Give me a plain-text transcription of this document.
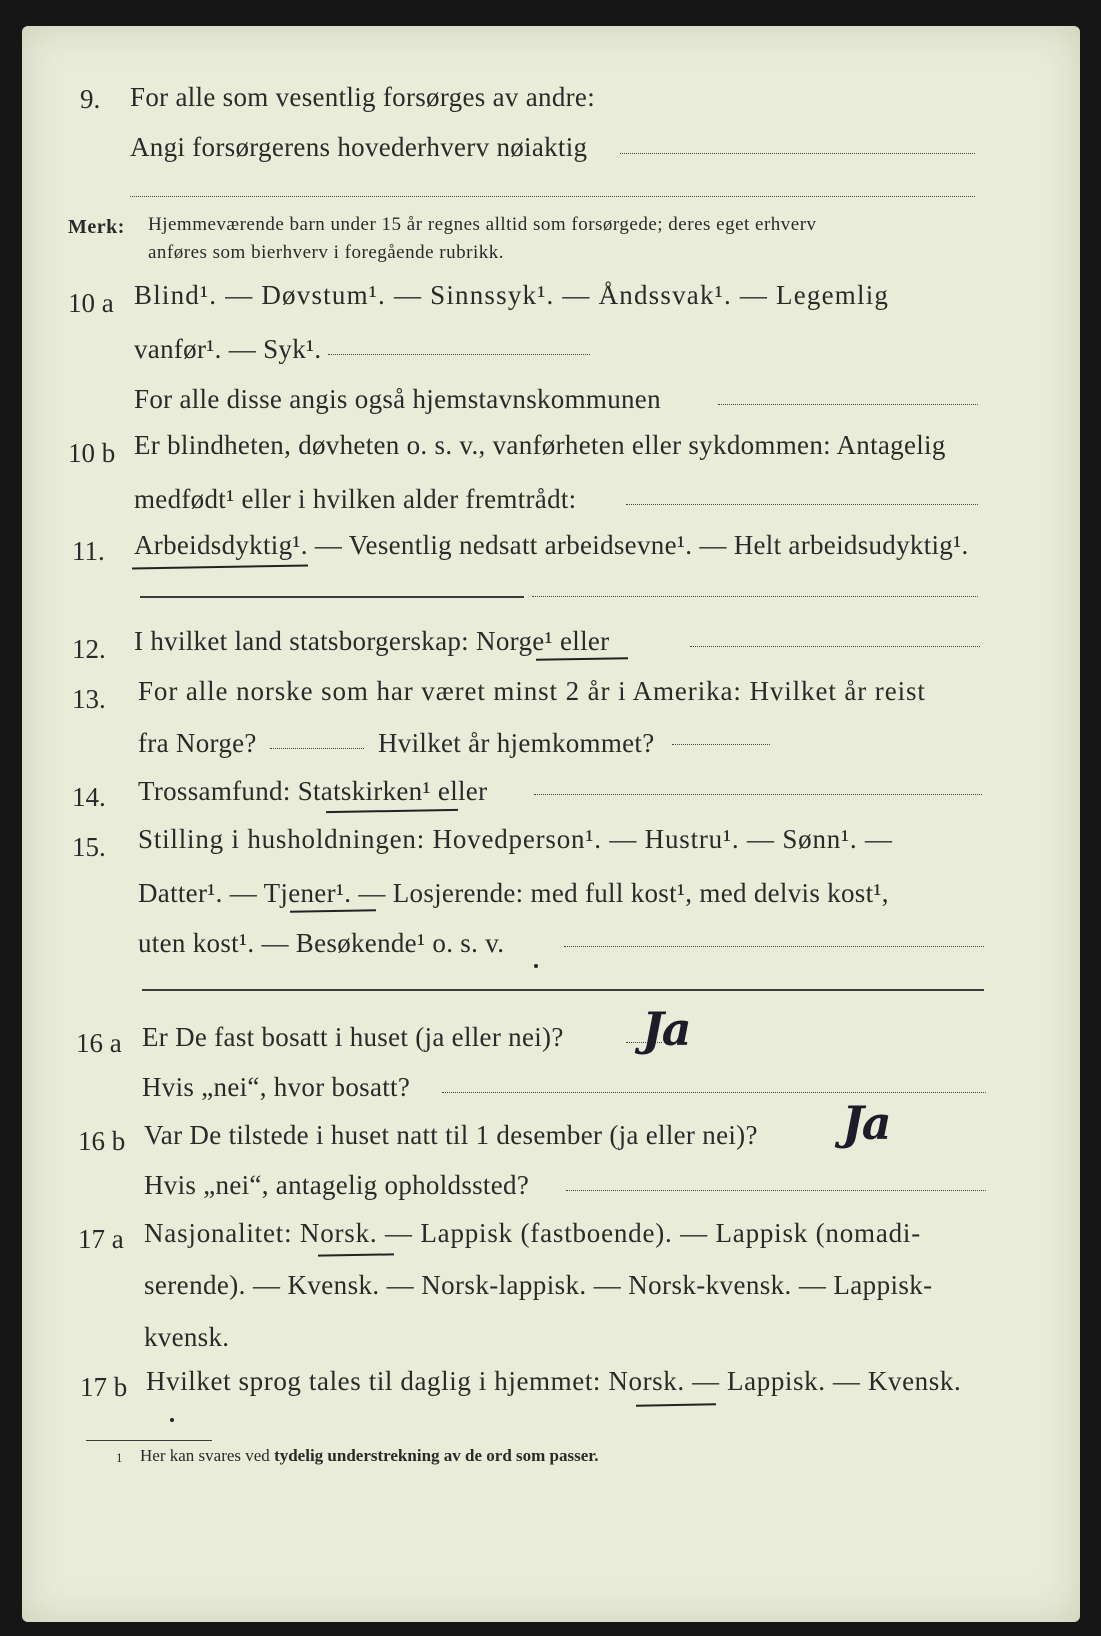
9. For alle som vesentlig forsørges av andre:
Angi forsørgerens hovederhverv nøiaktig
Merk: Hjemmeværende barn under 15 år regnes alltid som forsørgede; deres eget erhverv
anføres som bierhverv i foregående rubrikk.
10 a Blind¹. — Døvstum¹. — Sinnssyk¹. — Åndssvak¹. — Legemlig
vanfør¹. — Syk¹.
For alle disse angis også hjemstavnskommunen
10 b Er blindheten, døvheten o. s. v., vanførheten eller sykdommen: Antagelig
medfødt¹ eller i hvilken alder fremtrådt:
11. Arbeidsdyktig¹. — Vesentlig nedsatt arbeidsevne¹. — Helt arbeidsudyktig¹.
12. I hvilket land statsborgerskap: Norge¹ eller
13. For alle norske som har været minst 2 år i Amerika: Hvilket år reist
fra Norge?	Hvilket år hjemkommet?
14. Trossamfund: Statskirken¹ eller
15. Stilling i husholdningen: Hovedperson¹. — Hustru¹. — Sønn¹. —
Datter¹. — Tjener¹. — Losjerende: med full kost¹, med delvis kost¹,
uten kost¹. — Besøkende¹ o. s. v.
16 a Er De fast bosatt i huset (ja eller nei)? Ja
Hvis „nei“, hvor bosatt?
16 b Var De tilstede i huset natt til 1 desember (ja eller nei)? Ja
Hvis „nei“, antagelig opholdssted?
17 a Nasjonalitet: Norsk. — Lappisk (fastboende). — Lappisk (nomadi-
serende). — Kvensk. — Norsk-lappisk. — Norsk-kvensk. — Lappisk-
kvensk.
17 b Hvilket sprog tales til daglig i hjemmet: Norsk. — Lappisk. — Kvensk.
1 Her kan svares ved tydelig understrekning av de ord som passer.
